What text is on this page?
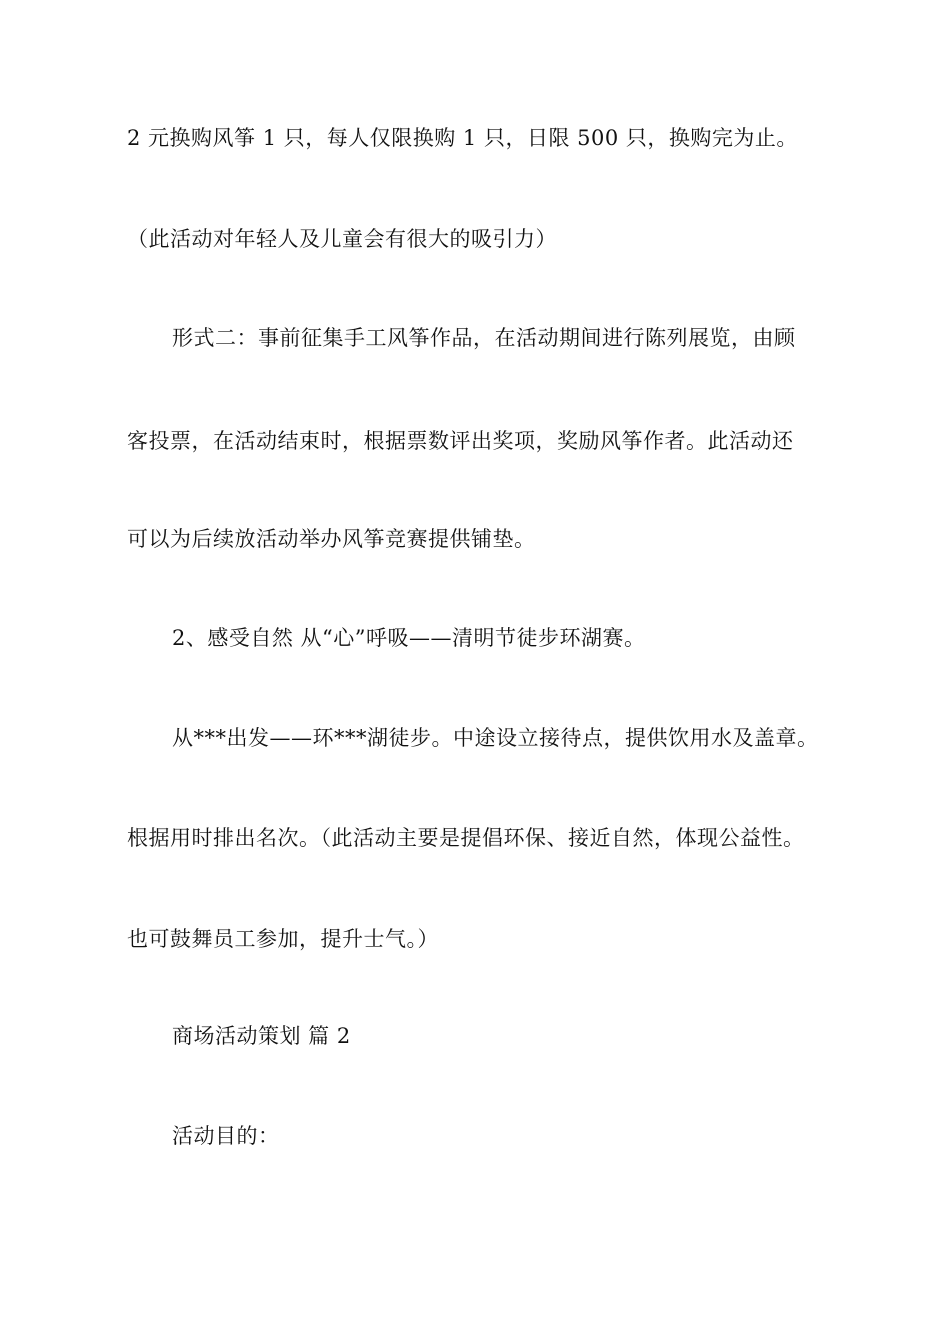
2 元换购风筝 1 只，每人仅限换购 1 只，日限 500 只，换购完为止。
（此活动对年轻人及儿童会有很大的吸引力）
形式二：事前征集手工风筝作品，在活动期间进行陈列展览，由顾
客投票，在活动结束时，根据票数评出奖项，奖励风筝作者。此活动还
可以为后续放活动举办风筝竞赛提供铺垫。
2、感受自然 从“心”呼吸——清明节徒步环湖赛。
从***出发——环***湖徒步。中途设立接待点，提供饮用水及盖章。
根据用时排出名次。（此活动主要是提倡环保、接近自然，体现公益性。
也可鼓舞员工参加，提升士气。）
商场活动策划 篇 2
活动目的：
